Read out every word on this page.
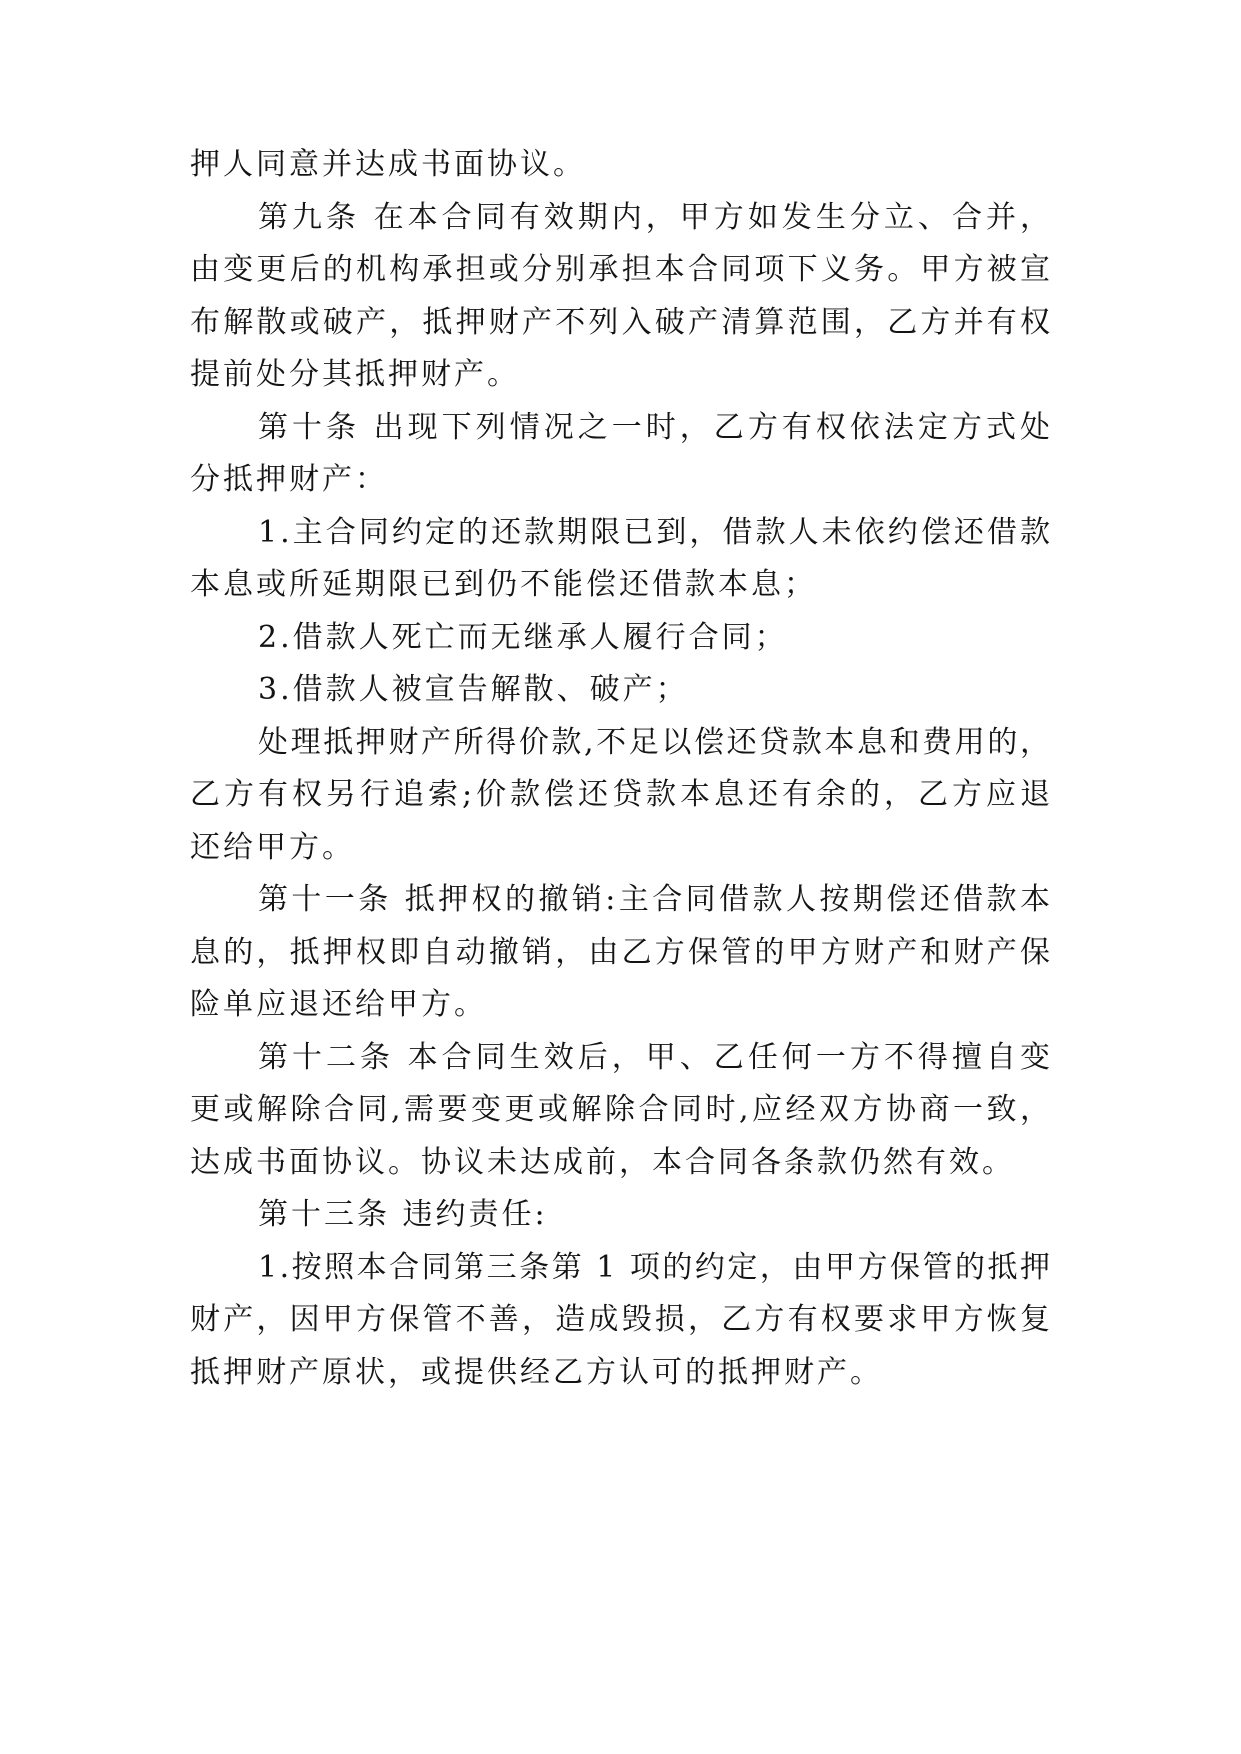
押人同意并达成书面协议。
第九条 在本合同有效期内，甲方如发生分立、合并，
由变更后的机构承担或分别承担本合同项下义务。甲方被宣
布解散或破产，抵押财产不列入破产清算范围，乙方并有权
提前处分其抵押财产。
第十条 出现下列情况之一时，乙方有权依法定方式处
分抵押财产：
1.主合同约定的还款期限已到，借款人未依约偿还借款
本息或所延期限已到仍不能偿还借款本息；
2.借款人死亡而无继承人履行合同；
3.借款人被宣告解散、破产；
处理抵押财产所得价款,不足以偿还贷款本息和费用的，
乙方有权另行追索;价款偿还贷款本息还有余的，乙方应退
还给甲方。
第十一条 抵押权的撤销:主合同借款人按期偿还借款本
息的，抵押权即自动撤销，由乙方保管的甲方财产和财产保
险单应退还给甲方。
第十二条 本合同生效后，甲、乙任何一方不得擅自变
更或解除合同,需要变更或解除合同时,应经双方协商一致，
达成书面协议。协议未达成前，本合同各条款仍然有效。
第十三条 违约责任:
1.按照本合同第三条第 1 项的约定，由甲方保管的抵押
财产，因甲方保管不善，造成毁损，乙方有权要求甲方恢复
抵押财产原状，或提供经乙方认可的抵押财产。
